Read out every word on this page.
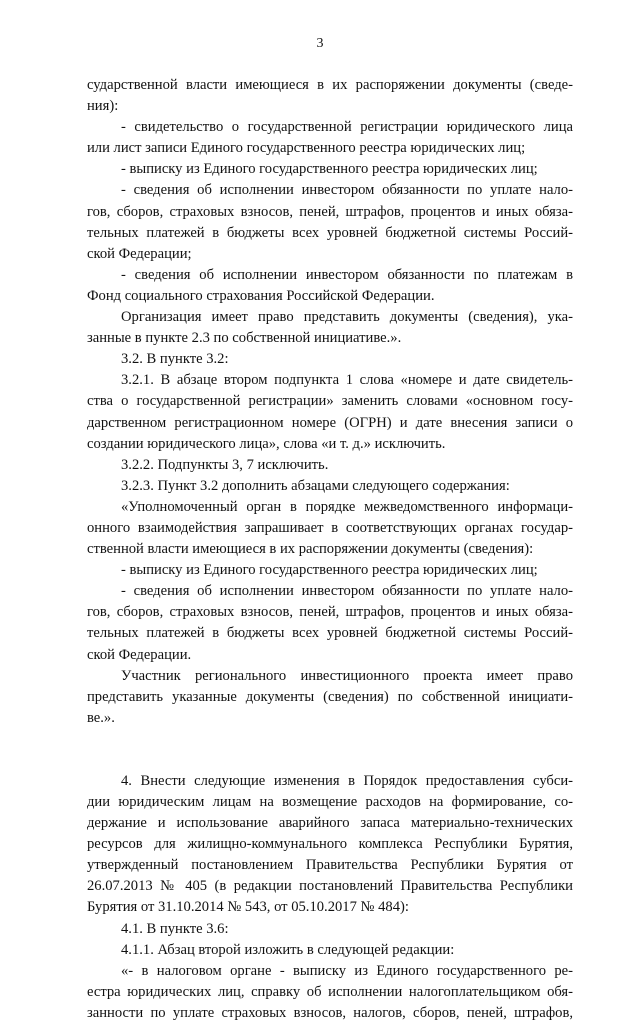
3
сударственной власти имеющиеся в их распоряжении документы (сведе-
ния):
- свидетельство о государственной регистрации юридического лица
или лист записи Единого государственного реестра юридических лиц;
- выписку из Единого государственного реестра юридических лиц;
- сведения об исполнении инвестором обязанности по уплате нало-
гов, сборов, страховых взносов, пеней, штрафов, процентов и иных обяза-
тельных платежей в бюджеты всех уровней бюджетной системы Россий-
ской Федерации;
- сведения об исполнении инвестором обязанности по платежам в
Фонд социального страхования Российской Федерации.
Организация имеет право представить документы (сведения), ука-
занные в пункте 2.3 по собственной инициативе.».
3.2. В пункте 3.2:
3.2.1. В абзаце втором подпункта 1 слова «номере и дате свидетель-
ства о государственной регистрации» заменить словами «основном госу-
дарственном регистрационном номере (ОГРН) и дате внесения записи о
создании юридического лица», слова «и т. д.» исключить.
3.2.2. Подпункты 3, 7 исключить.
3.2.3. Пункт 3.2 дополнить абзацами следующего содержания:
«Уполномоченный орган в порядке межведомственного информаци-
онного взаимодействия запрашивает в соответствующих органах государ-
ственной власти имеющиеся в их распоряжении документы (сведения):
- выписку из Единого государственного реестра юридических лиц;
- сведения об исполнении инвестором обязанности по уплате нало-
гов, сборов, страховых взносов, пеней, штрафов, процентов и иных обяза-
тельных платежей в бюджеты всех уровней бюджетной системы Россий-
ской Федерации.
Участник регионального инвестиционного проекта имеет право
представить указанные документы (сведения) по собственной инициати-
ве.».
4. Внести следующие изменения в Порядок предоставления субси-
дии юридическим лицам на возмещение расходов на формирование, со-
держание и использование аварийного запаса материально-технических
ресурсов для жилищно-коммунального комплекса Республики Бурятия,
утвержденный постановлением Правительства Республики Бурятия от
26.07.2013 № 405 (в редакции постановлений Правительства Республики
Бурятия от 31.10.2014 № 543, от 05.10.2017 № 484):
4.1. В пункте 3.6:
4.1.1. Абзац второй изложить в следующей редакции:
«- в налоговом органе - выписку из Единого государственного ре-
естра юридических лиц, справку об исполнении налогоплательщиком обя-
занности по уплате страховых взносов, налогов, сборов, пеней, штрафов,
